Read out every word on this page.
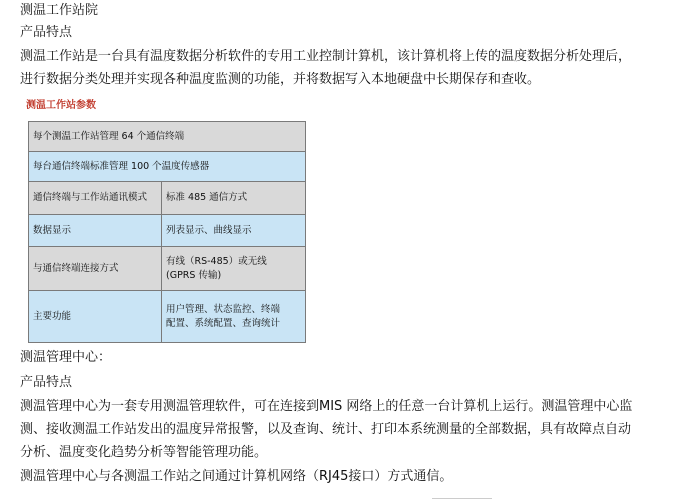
测温工作站院
产品特点
测温工作站是一台具有温度数据分析软件的专用工业控制计算机，该计算机将上传的温度数据分析处理后，
进行数据分类处理并实现各种温度监测的功能，并将数据写入本地硬盘中长期保存和查收。
测温工作站参数
每个测温工作站管理 64 个通信终端	
每台通信终端标准管理 100 个温度传感器	
通信终端与工作站通讯模式	标准 485 通信方式
数据显示	列表显示、曲线显示
与通信终端连接方式	有线（RS-485）或无线
(GPRS 传输)

主要功能	用户管理、状态监控、终端
配置、系统配置、查询统计
测温管理中心：
产品特点
测温管理中心为一套专用测温管理软件，可在连接到MIS 网络上的任意一台计算机上运行。测温管理中心监
测、接收测温工作站发出的温度异常报警，以及查询、统计、打印本系统测量的全部数据，具有故障点自动
分析、温度变化趋势分析等智能管理功能。
测温管理中心与各测温工作站之间通过计算机网络（RJ45接口）方式通信。
